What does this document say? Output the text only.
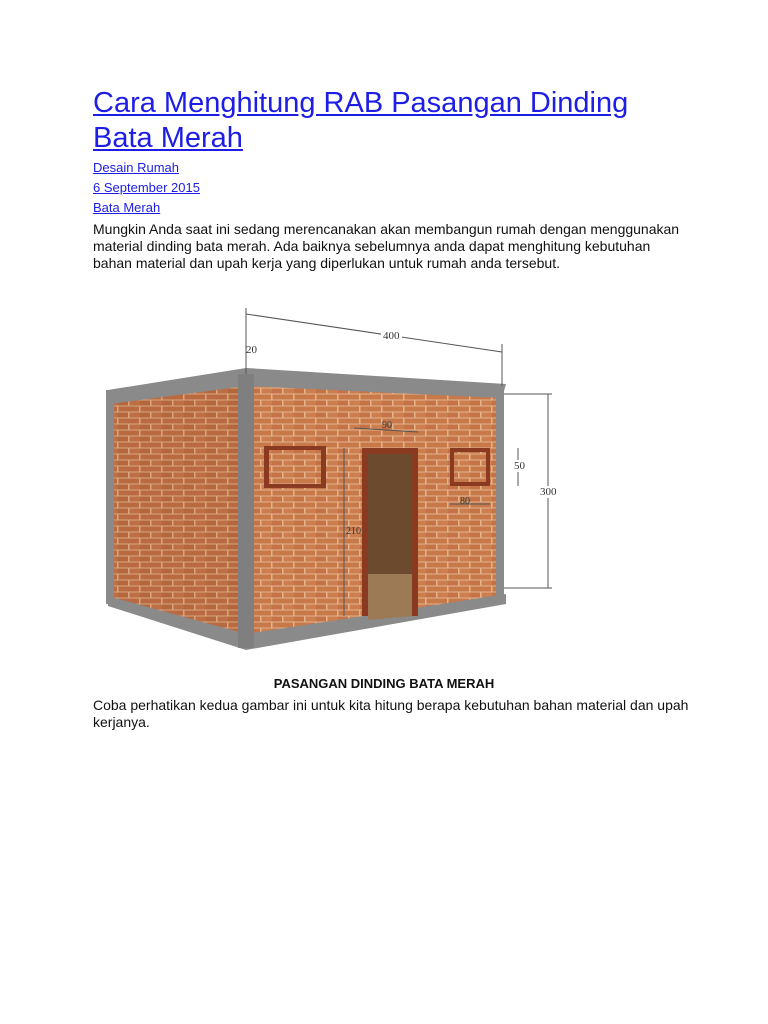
Cara Menghitung RAB Pasangan Dinding Bata Merah
Desain Rumah
6 September 2015
Bata Merah

Mungkin Anda saat ini sedang merencanakan akan membangun rumah dengan menggunakan material dinding bata merah. Ada baiknya sebelumnya anda dapat menghitung kebutuhan bahan material dan upah kerja yang diperlukan untuk rumah anda tersebut.

400
20
300
50
80
90
210
PASANGAN DINDING BATA MERAH

Coba perhatikan kedua gambar ini untuk kita hitung berapa kebutuhan bahan material dan upah kerjanya.
